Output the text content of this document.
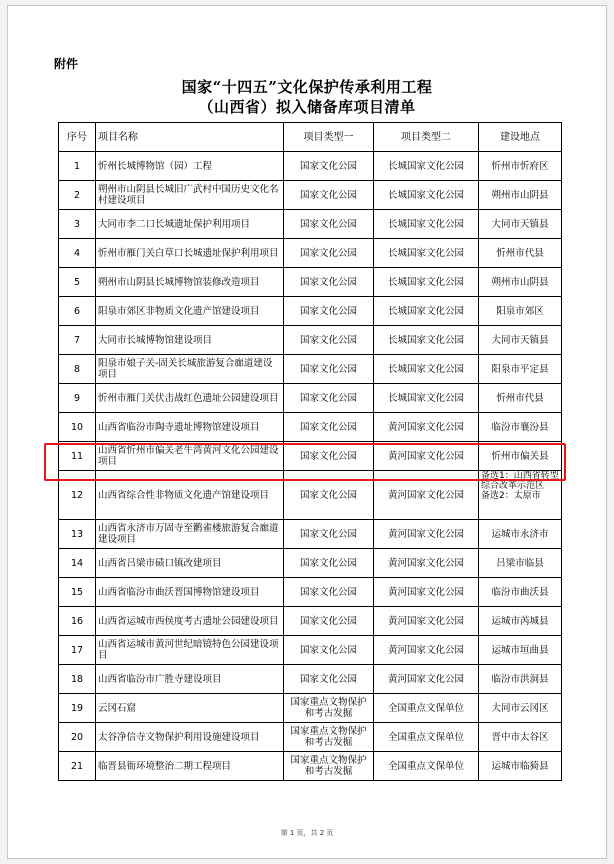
附件
国家“十四五”文化保护传承利用工程
（山西省）拟入储备库项目清单
序号	项目名称	项目类型一	项目类型二	建设地点
1	忻州长城博物馆（园）工程	国家文化公园	长城国家文化公园	忻州市忻府区
2	朔州市山阴县长城旧广武村中国历史文化名村建设项目	国家文化公园	长城国家文化公园	朔州市山阴县
3	大同市李二口长城遗址保护利用项目	国家文化公园	长城国家文化公园	大同市天镇县
4	忻州市雁门关白草口长城遗址保护利用项目	国家文化公园	长城国家文化公园	忻州市代县
5	朔州市山阴县长城博物馆装修改造项目	国家文化公园	长城国家文化公园	朔州市山阴县
6	阳泉市郊区非物质文化遗产馆建设项目	国家文化公园	长城国家文化公园	阳泉市郊区
7	大同市长城博物馆建设项目	国家文化公园	长城国家文化公园	大同市天镇县
8	阳泉市娘子关-固关长城旅游复合廊道建设项目	国家文化公园	长城国家文化公园	阳泉市平定县
9	忻州市雁门关伏击战红色遗址公园建设项目	国家文化公园	长城国家文化公园	忻州市代县
10	山西省临汾市陶寺遗址博物馆建设项目	国家文化公园	黄河国家文化公园	临汾市襄汾县
11	山西省忻州市偏关老牛湾黄河文化公园建设项目	国家文化公园	黄河国家文化公园	忻州市偏关县
12	山西省综合性非物质文化遗产馆建设项目	国家文化公园	黄河国家文化公园	备选1：山西省转型综合改革示范区
备选2：太原市
13	山西省永济市万固寺至鹳雀楼旅游复合廊道建设项目	国家文化公园	黄河国家文化公园	运城市永济市
14	山西省吕梁市碛口镇改建项目	国家文化公园	黄河国家文化公园	吕梁市临县
15	山西省临汾市曲沃晋国博物馆建设项目	国家文化公园	黄河国家文化公园	临汾市曲沃县
16	山西省运城市西侯度考古遗址公园建设项目	国家文化公园	黄河国家文化公园	运城市芮城县
17	山西省运城市黄河世纪暗镜特色公园建设项目	国家文化公园	黄河国家文化公园	运城市垣曲县
18	山西省临汾市广胜寺建设项目	国家文化公园	黄河国家文化公园	临汾市洪洞县
19	云冈石窟	国家重点文物保护和考古发掘	全国重点文保单位	大同市云冈区
20	太谷净信寺文物保护利用设施建设项目	国家重点文物保护和考古发掘	全国重点文保单位	晋中市太谷区
21	临晋县衙环境整治二期工程项目	国家重点文物保护和考古发掘	全国重点文保单位	运城市临猗县
第 1 页，共 2 页
